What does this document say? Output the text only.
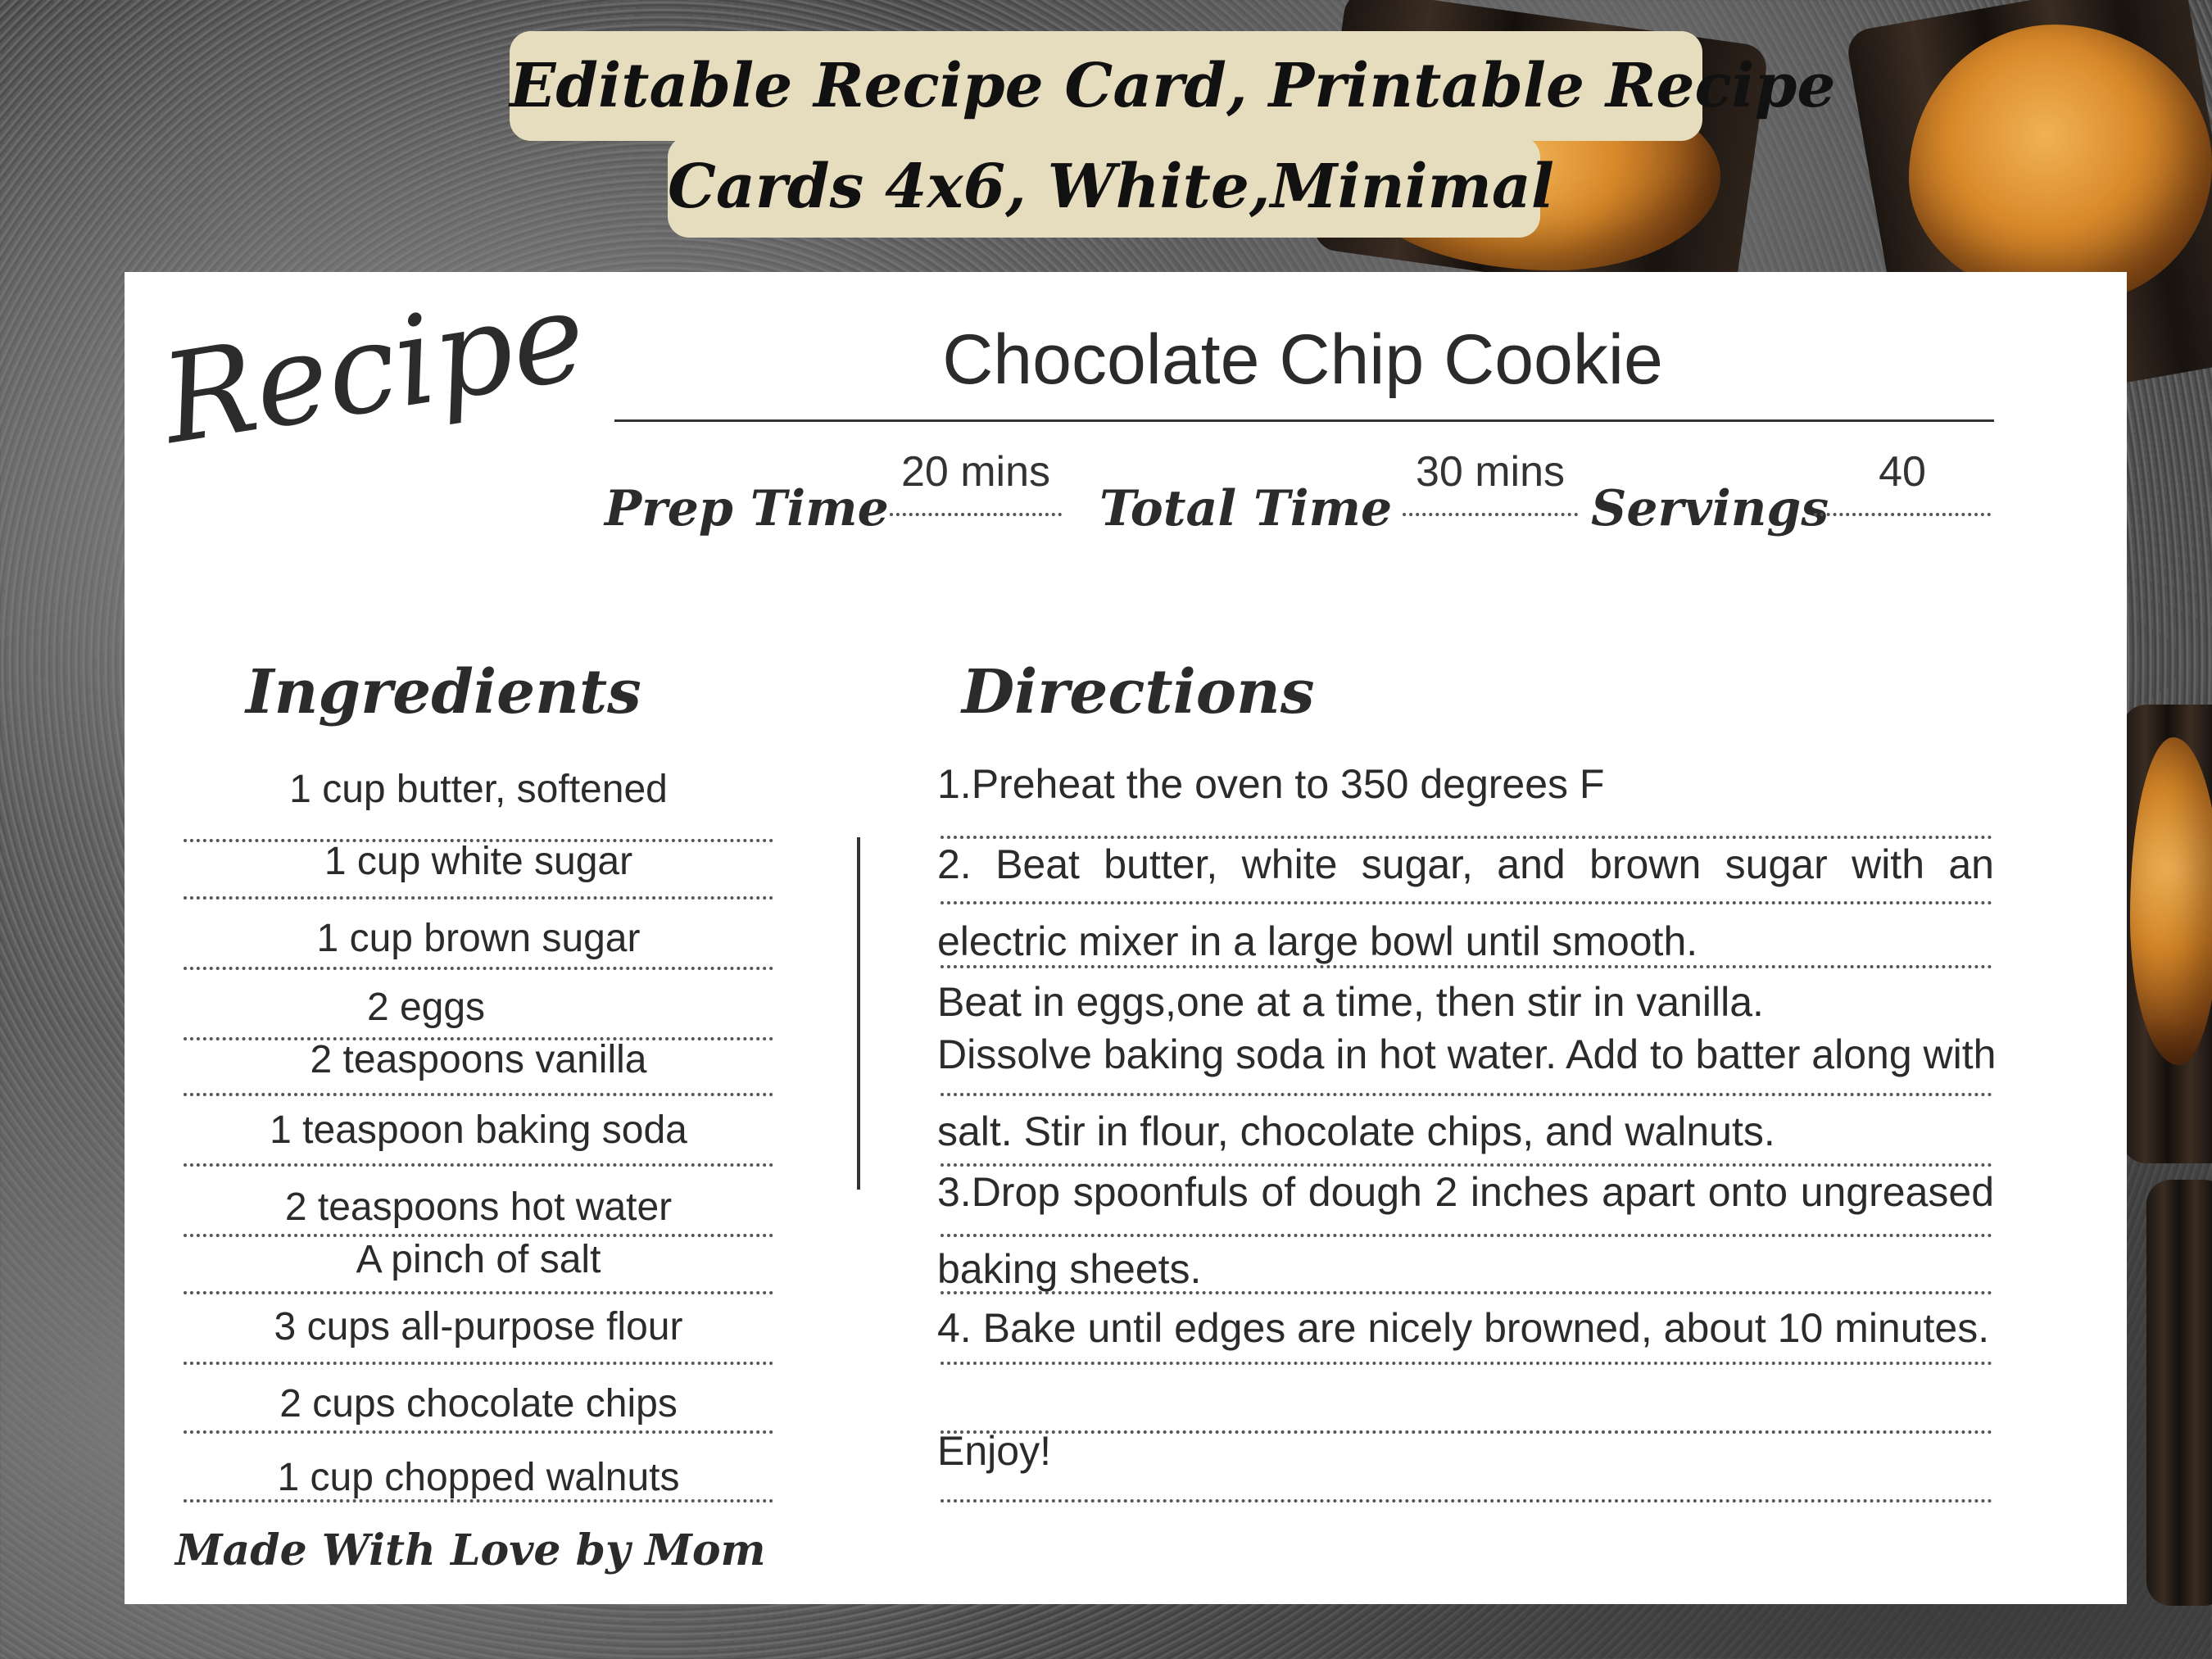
Editable Recipe Card, Printable Recipe
Cards 4x6, White,Minimal
Recipe	Chocolate Chip Cookie
Prep Time
20 mins
Total Time
30 mins
Servings
40
Ingredients	Directions
1 cup butter, softened
1 cup white sugar
1 cup brown sugar
2 eggs
2 teaspoons vanilla
1 teaspoon baking soda
2 teaspoons hot water
A pinch of salt
3 cups all-purpose flour
2 cups chocolate chips
1 cup chopped walnuts
1.Preheat the oven to 350 degrees F
2. Beat butter, white sugar, and brown sugar with an
electric mixer in a large bowl until smooth.
Beat in eggs,one at a time, then stir in vanilla.
Dissolve baking soda in hot water. Add to batter along with
salt. Stir in flour, chocolate chips, and walnuts.
3.Drop spoonfuls of dough 2 inches apart onto ungreased
baking sheets.
4. Bake until edges are nicely browned, about 10 minutes.
Enjoy!
Made With Love by Mom
